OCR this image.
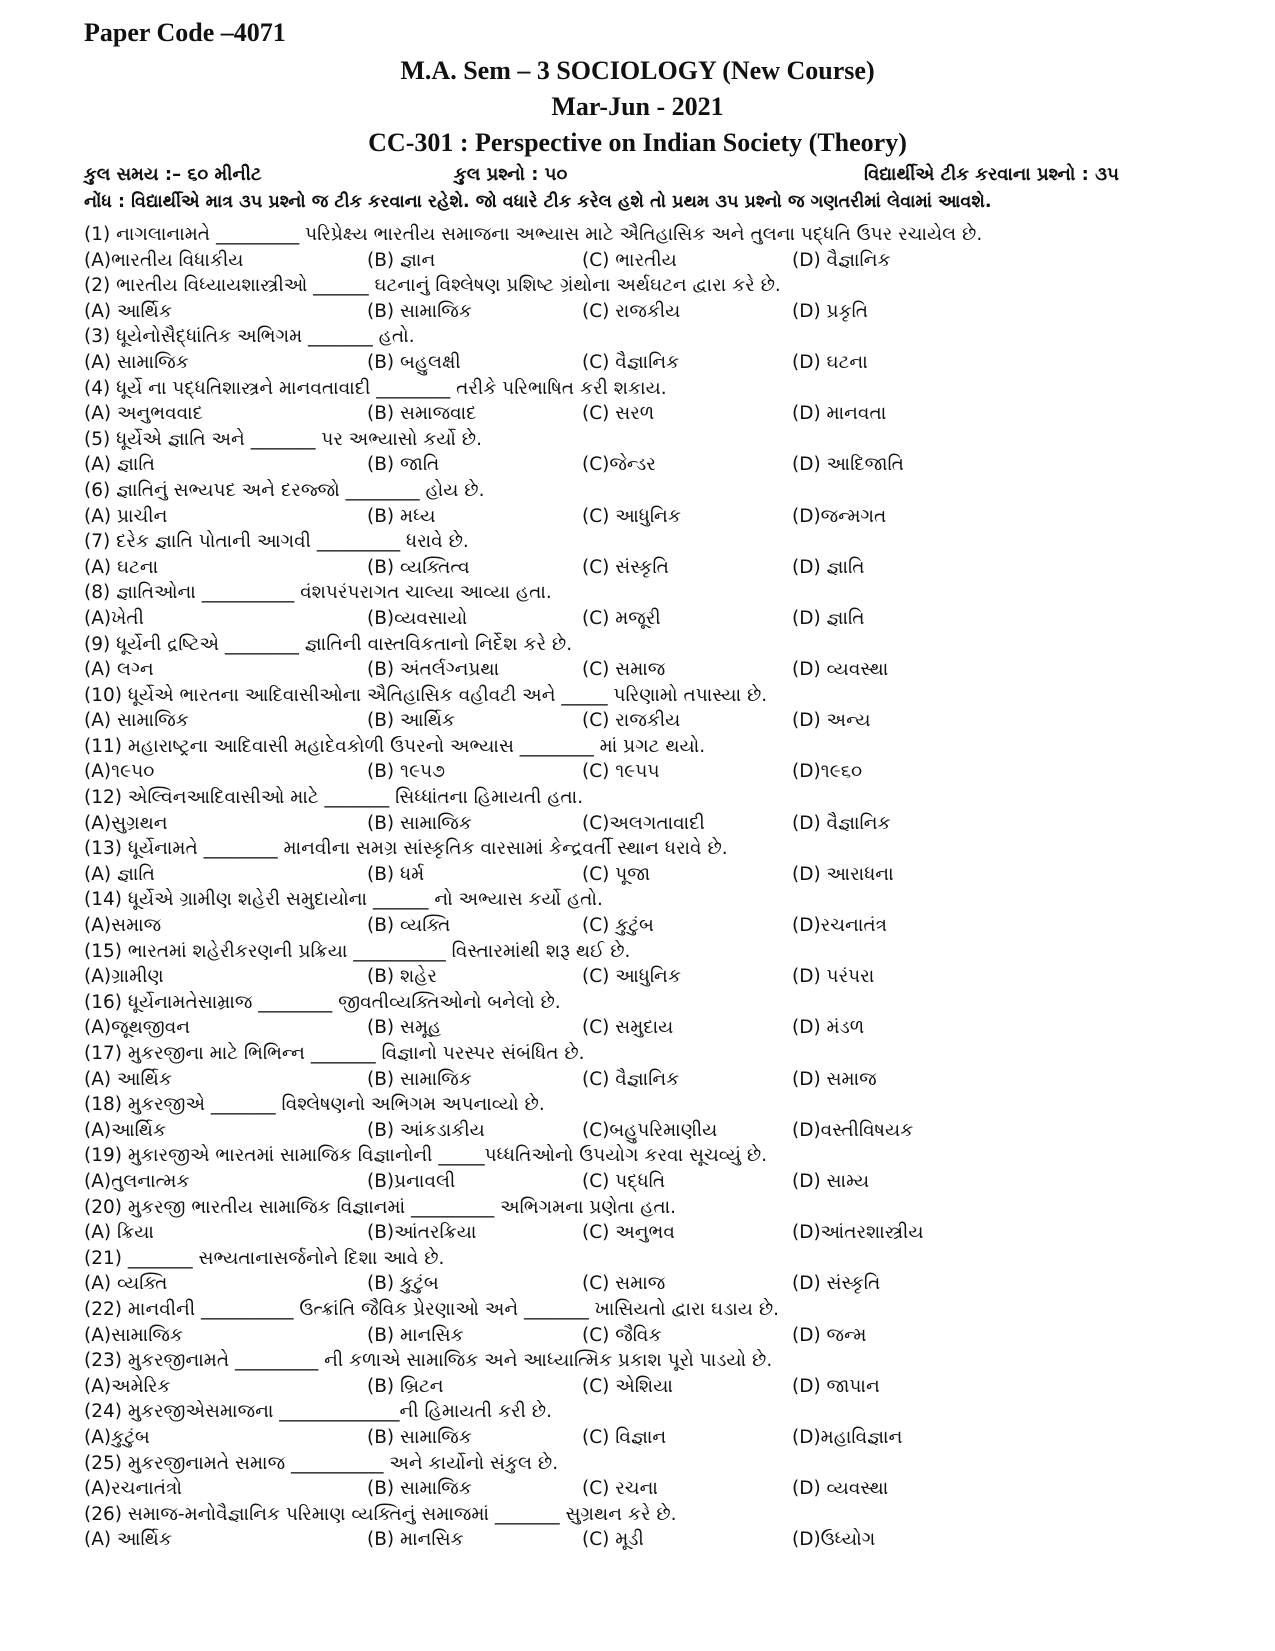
Paper Code –4071
M.A. Sem – 3 SOCIOLOGY (New Course)
Mar-Jun - 2021
CC-301 : Perspective on Indian Society (Theory)
કુલ સમય :– ૬૦ મીનીટ	કુલ પ્રશ્નો : ૫૦	વિદ્યાર્થીએ ટીક કરવાના પ્રશ્નો : ૩૫
નોંધ : વિદ્યાર્થીએ માત્ર ૩૫ પ્રશ્નો જ ટીક કરવાના રહેશે. જો વધારે ટીક કરેલ હશે તો પ્રથમ ૩૫ પ્રશ્નો જ ગણતરીમાં લેવામાં આવશે.
(1) નાગલાનામતે _________ પરિપ્રેક્ષ્ય ભારતીય સમાજના અભ્યાસ માટે ઐતિહાસિક અને તુલના પદ્ધતિ ઉપર રચાયેલ છે.
(A)ભારતીય વિધાકીય	(B) જ્ઞાન	(C) ભારતીય	(D) વૈજ્ઞાનિક
(2) ભારતીય વિધ્યાયશાસ્ત્રીઓ ______ ઘટનાનું વિશ્લેષણ પ્રશિષ્ટ ગ્રંથોના અર્થઘટન દ્વારા કરે છે.
(A) આર્થિક	(B) સામાજિક	(C) રાજકીય	(D) પ્રકૃતિ
(3) ધૂયેનોસૈદ્ધાંતિક અભિગમ _______ હતો.
(A) સામાજિક	(B) બહુલક્ષી	(C) વૈજ્ઞાનિક	(D) ઘટના
(4) ધૂર્યે ના પદ્ધતિશાસ્ત્રને માનવતાવાદી ________ તરીકે પરિભાષિત કરી શકાય.
(A) અનુભવવાદ	(B) સમાજવાદ	(C) સરળ	(D) માનવતા
(5) ધૂર્યેએ જ્ઞાતિ અને _______ પર અભ્યાસો કર્યો છે.
(A) જ્ઞાતિ	(B) જાતિ	(C)જેન્ડર	(D) આદિજાતિ
(6) જ્ઞાતિનું સભ્યપદ અને દરજ્જો ________ હોય છે.
(A) પ્રાચીન	(B) મધ્ય	(C) આધુનિક	(D)જન્મગત
(7) દરેક જ્ઞાતિ પોતાની આગવી _________ ધરાવે છે.
(A) ઘટના	(B) વ્યક્તિત્વ	(C) સંસ્કૃતિ	(D) જ્ઞાતિ
(8) જ્ઞાતિઓના __________ વંશપરંપરાગત ચાલ્યા આવ્યા હતા.
(A)ખેતી	(B)વ્યવસાયો	(C) મજૂરી	(D) જ્ઞાતિ
(9) ધૂર્યેની દ્રષ્ટિએ ________ જ્ઞાતિની વાસ્તવિકતાનો નિર્દેશ કરે છે.
(A) લગ્ન	(B) અંતર્લગ્નપ્રથા	(C) સમાજ	(D) વ્યવસ્થા
(10) ધૂર્યેએ ભારતના આદિવાસીઓના ઐતિહાસિક વહીવટી અને _____ પરિણામો તપાસ્યા છે.
(A) સામાજિક	(B) આર્થિક	(C) રાજકીય	(D) અન્ય
(11) મહારાષ્ટ્રના આદિવાસી મહાદેવકોળી ઉપરનો અભ્યાસ ________ માં પ્રગટ થયો.
(A)૧૯૫૦	(B) ૧૯૫૭	(C) ૧૯૫૫	(D)૧૯૬૦
(12) એલ્વિનઆદિવાસીઓ માટે _______ સિધ્ધાંતના હિમાયતી હતા.
(A)સુગ્રથન	(B) સામાજિક	(C)અલગતાવાદી	(D) વૈજ્ઞાનિક
(13) ધૂર્યેનામતે ________ માનવીના સમગ્ર સાંસ્કૃતિક વારસામાં કેન્દ્રવર્તી સ્થાન ધરાવે છે.
(A) જ્ઞાતિ	(B) ધર્મ	(C) પૂજા	(D) આરાધના
(14) ધૂર્યેએ ગ્રામીણ શહેરી સમુદાયોના ______ નો અભ્યાસ કર્યો હતો.
(A)સમાજ	(B) વ્યક્તિ	(C) કુટુંબ	(D)રચનાતંત્ર
(15) ભારતમાં શહેરીકરણની પ્રક્રિયા __________ વિસ્તારમાંથી શરૂ થઈ છે.
(A)ગ્રામીણ	(B) શહેર	(C) આધુનિક	(D) પરંપરા
(16) ધૂર્યેનામતેસામ્રાજ ________ જીવતીવ્યક્તિઓનો બનેલો છે.
(A)જૂથજીવન	(B) સમૂહ	(C) સમુદાય	(D) મંડળ
(17) મુકરજીના માટે ભિભિન્ન _______ વિજ્ઞાનો પરસ્પર સંબંધિત છે.
(A) આર્થિક	(B) સામાજિક	(C) વૈજ્ઞાનિક	(D) સમાજ
(18) મુકરજીએ _______ વિશ્લેષણનો અભિગમ અપનાવ્યો છે.
(A)આર્થિક	(B) આંકડાકીય	(C)બહુપરિમાણીય	(D)વસ્તીવિષયક
(19) મુકારજીએ ભારતમાં સામાજિક વિજ્ઞાનોની _____પધ્ધતિઓનો ઉપયોગ કરવા સૂચવ્યું છે.
(A)તુલનાત્મક	(B)પ્રનાવલી	(C) પદ્ધતિ	(D) સામ્ય
(20) મુકરજી ભારતીય સામાજિક વિજ્ઞાનમાં _________ અભિગમના પ્રણેતા હતા.
(A) ક્રિયા	(B)આંતરક્રિયા	(C) અનુભવ	(D)આંતરશાસ્ત્રીય
(21) _______ સભ્યતાનાસર્જનોને દિશા આવે છે.
(A) વ્યક્તિ	(B) કુટુંબ	(C) સમાજ	(D) સંસ્કૃતિ
(22) માનવીની __________ ઉત્ક્રાંતિ જૈવિક પ્રેરણાઓ અને _______ ખાસિયતો દ્વારા ઘડાય છે.
(A)સામાજિક	(B) માનસિક	(C) જૈવિક	(D) જન્મ
(23) મુકરજીનામતે _________ ની કળાએ સામાજિક અને આધ્યાત્મિક પ્રકાશ પૂરો પાડયો છે.
(A)અમેરિક	(B) બ્રિટન	(C) એશિયા	(D) જાપાન
(24) મુકરજીએસમાજના _____________ની હિમાયતી કરી છે.
(A)કુટુંબ	(B) સામાજિક	(C) વિજ્ઞાન	(D)મહાવિજ્ઞાન
(25) મુકરજીનામતે સમાજ __________ અને કાર્યોનો સંકુલ છે.
(A)રચનાતંત્રો	(B) સામાજિક	(C) રચના	(D) વ્યવસ્થા
(26) સમાજ-મનોવૈજ્ઞાનિક પરિમાણ વ્યક્તિનું સમાજમાં _______ સુગ્રથન કરે છે.
(A) આર્થિક	(B) માનસિક	(C) મૂડી	(D)ઉધ્યોગ
